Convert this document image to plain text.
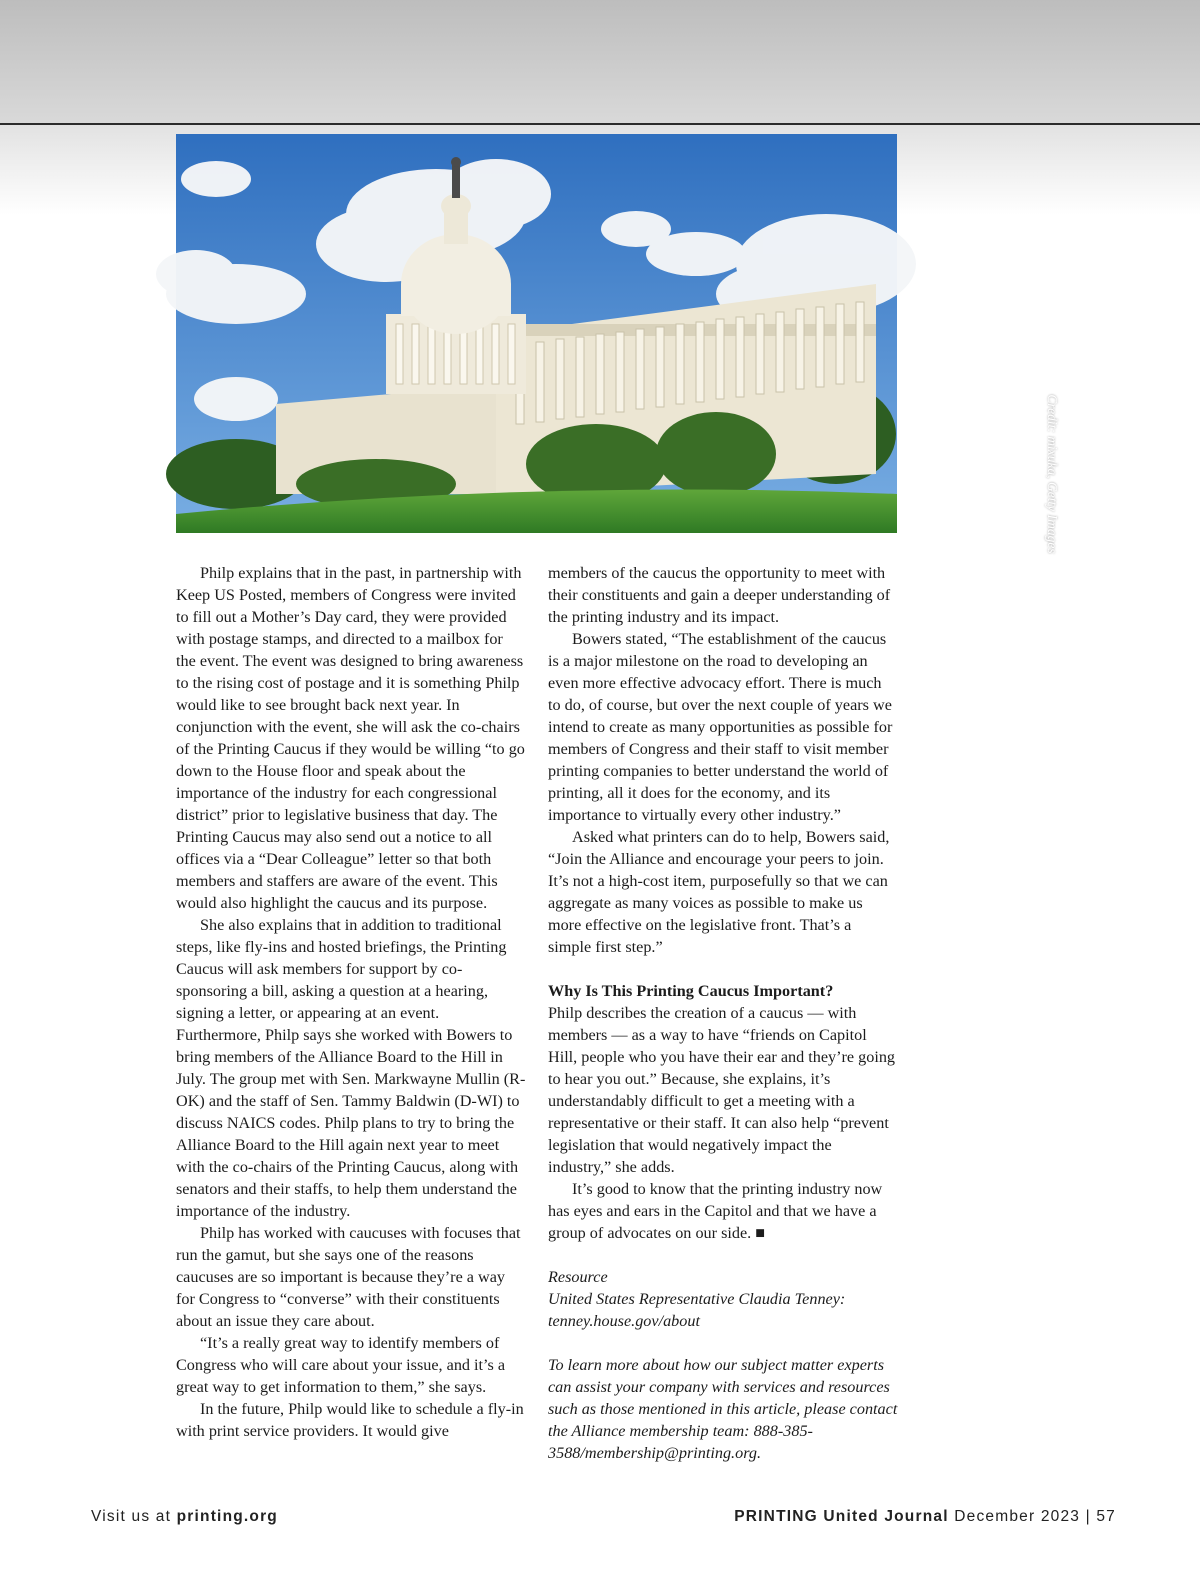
Credit: mixuka, Getty Images

Philp explains that in the past, in partnership with Keep US Posted, members of Congress were invited to fill out a Mother’s Day card, they were provided with postage stamps, and directed to a mailbox for the event. The event was designed to bring awareness to the rising cost of postage and it is something Philp would like to see brought back next year. In conjunction with the event, she will ask the co-chairs of the Printing Caucus if they would be willing “to go down to the House floor and speak about the importance of the industry for each congressional district” prior to legislative business that day. The Printing Caucus may also send out a notice to all offices via a “Dear Colleague” letter so that both members and staffers are aware of the event. This would also highlight the caucus and its purpose.

She also explains that in addition to traditional steps, like fly-ins and hosted briefings, the Printing Caucus will ask members for support by co-sponsoring a bill, asking a question at a hearing, signing a letter, or appearing at an event. Furthermore, Philp says she worked with Bowers to bring members of the Alliance Board to the Hill in July. The group met with Sen. Markwayne Mullin (R-OK) and the staff of Sen. Tammy Baldwin (D-WI) to discuss NAICS codes. Philp plans to try to bring the Alliance Board to the Hill again next year to meet with the co-chairs of the Printing Caucus, along with senators and their staffs, to help them understand the importance of the industry.

Philp has worked with caucuses with focuses that run the gamut, but she says one of the reasons caucuses are so important is because they’re a way for Congress to “converse” with their constituents about an issue they care about.

“It’s a really great way to identify members of Congress who will care about your issue, and it’s a great way to get information to them,” she says.

In the future, Philp would like to schedule a fly-in with print service providers. It would give

members of the caucus the opportunity to meet with their constituents and gain a deeper understanding of the printing industry and its impact.

Bowers stated, “The establishment of the caucus is a major milestone on the road to developing an even more effective advocacy effort. There is much to do, of course, but over the next couple of years we intend to create as many opportunities as possible for members of Congress and their staff to visit member printing companies to better understand the world of printing, all it does for the economy, and its importance to virtually every other industry.”

Asked what printers can do to help, Bowers said, “Join the Alliance and encourage your peers to join. It’s not a high-cost item, purposefully so that we can aggregate as many voices as possible to make us more effective on the legislative front. That’s a simple first step.”

Why Is This Printing Caucus Important?

Philp describes the creation of a caucus — with members — as a way to have “friends on Capitol Hill, people who you have their ear and they’re going to hear you out.” Because, she explains, it’s understandably difficult to get a meeting with a representative or their staff. It can also help “prevent legislation that would negatively impact the industry,” she adds.

It’s good to know that the printing industry now has eyes and ears in the Capitol and that we have a group of advocates on our side. ■

Resource

United States Representative Claudia Tenney: tenney.house.gov/about

To learn more about how our subject matter experts can assist your company with services and resources such as those mentioned in this article, please contact the Alliance membership team: 888-385-3588/membership@printing.org.

Visit us at printing.org	PRINTING United Journal December 2023 | 57
